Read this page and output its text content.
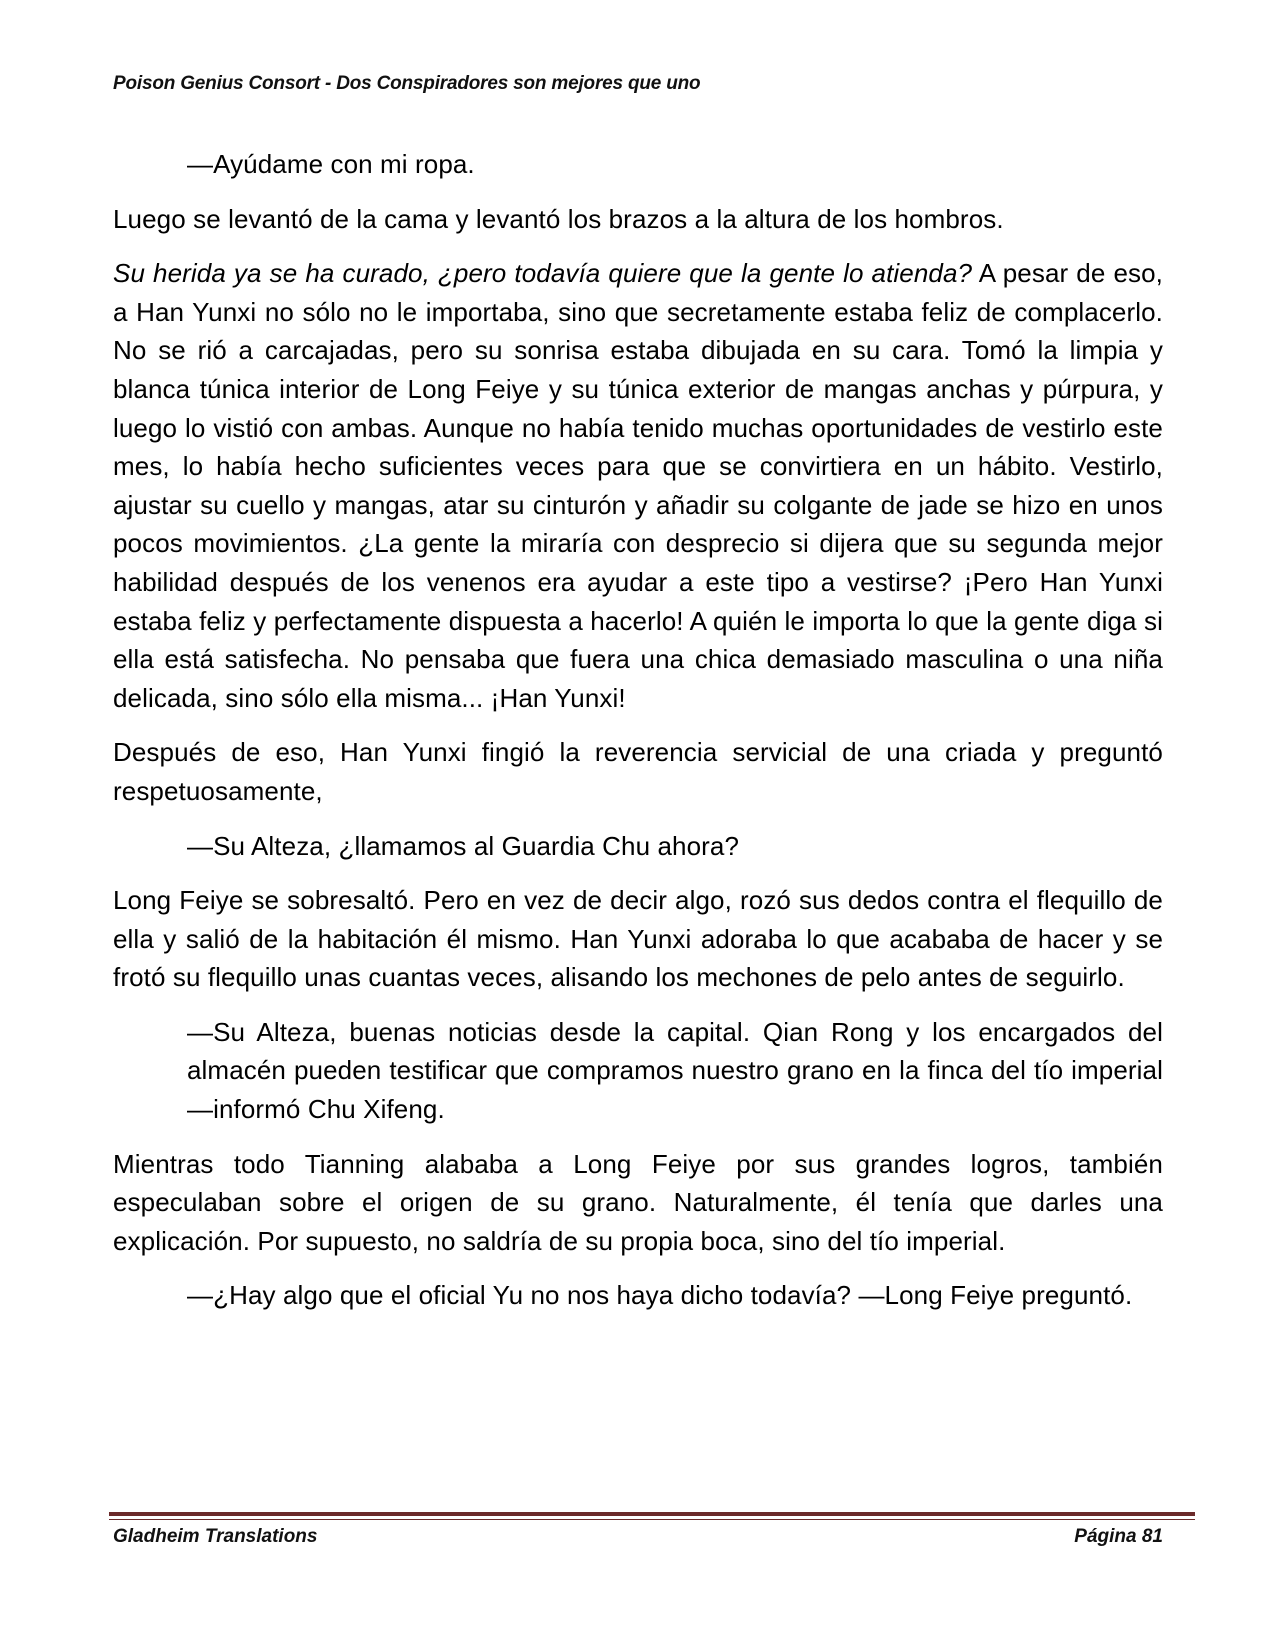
Poison Genius Consort - Dos Conspiradores son mejores que uno

—Ayúdame con mi ropa.

Luego se levantó de la cama y levantó los brazos a la altura de los hombros.

Su herida ya se ha curado, ¿pero todavía quiere que la gente lo atienda? A pesar de eso, a Han Yunxi no sólo no le importaba, sino que secretamente estaba feliz de complacerlo. No se rió a carcajadas, pero su sonrisa estaba dibujada en su cara. Tomó la limpia y blanca túnica interior de Long Feiye y su túnica exterior de mangas anchas y púrpura, y luego lo vistió con ambas. Aunque no había tenido muchas oportunidades de vestirlo este mes, lo había hecho suficientes veces para que se convirtiera en un hábito. Vestirlo, ajustar su cuello y mangas, atar su cinturón y añadir su colgante de jade se hizo en unos pocos movimientos. ¿La gente la miraría con desprecio si dijera que su segunda mejor habilidad después de los venenos era ayudar a este tipo a vestirse? ¡Pero Han Yunxi estaba feliz y perfectamente dispuesta a hacerlo! A quién le importa lo que la gente diga si ella está satisfecha. No pensaba que fuera una chica demasiado masculina o una niña delicada, sino sólo ella misma... ¡Han Yunxi!

Después de eso, Han Yunxi fingió la reverencia servicial de una criada y preguntó respetuosamente,

—Su Alteza, ¿llamamos al Guardia Chu ahora?

Long Feiye se sobresaltó. Pero en vez de decir algo, rozó sus dedos contra el flequillo de ella y salió de la habitación él mismo. Han Yunxi adoraba lo que acababa de hacer y se frotó su flequillo unas cuantas veces, alisando los mechones de pelo antes de seguirlo.

—Su Alteza, buenas noticias desde la capital. Qian Rong y los encargados del almacén pueden testificar que compramos nuestro grano en la finca del tío imperial —informó Chu Xifeng.

Mientras todo Tianning alababa a Long Feiye por sus grandes logros, también especulaban sobre el origen de su grano. Naturalmente, él tenía que darles una explicación. Por supuesto, no saldría de su propia boca, sino del tío imperial.

—¿Hay algo que el oficial Yu no nos haya dicho todavía? —Long Feiye preguntó.

Gladheim Translations	Página 81
